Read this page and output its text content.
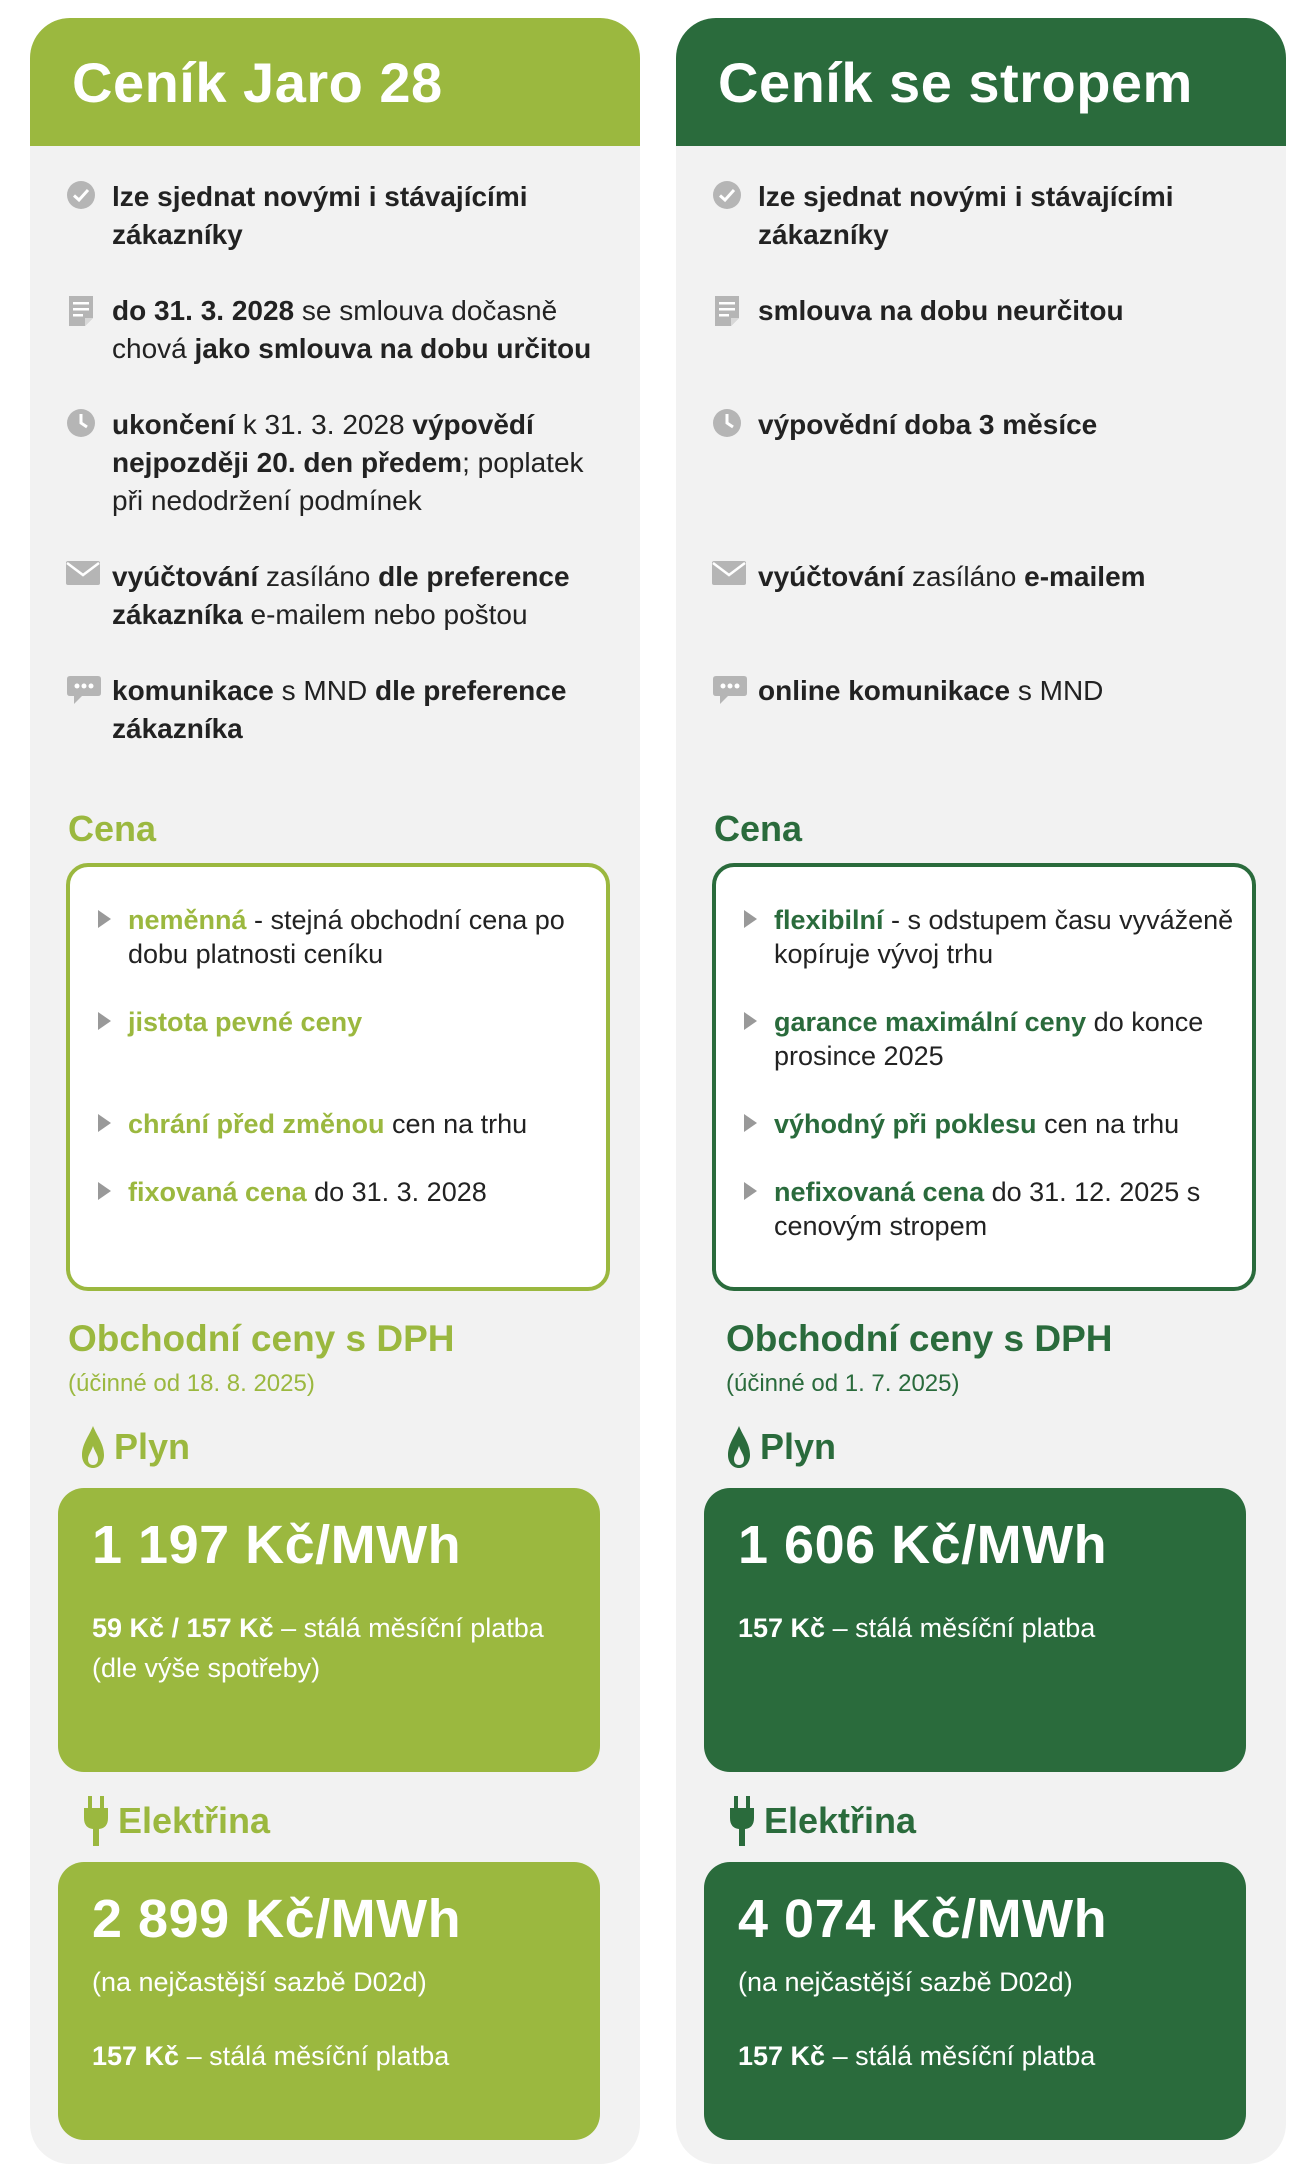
Ceník Jaro 28
lze sjednat novými i stávajícími zákazníky
do 31. 3. 2028 se smlouva dočasně chová jako smlouva na dobu určitou
ukončení k 31. 3. 2028 výpovědí nejpozději 20. den předem; poplatek při nedodržení podmínek
vyúčtování zasíláno dle preference zákazníka e-mailem nebo poštou
komunikace s MND dle preference zákazníka
Cena
neměnná - stejná obchodní cena po dobu platnosti ceníku
jistota pevné ceny
chrání před změnou cen na trhu
fixovaná cena do 31. 3. 2028
Obchodní ceny s DPH
(účinné od 18. 8. 2025)
Plyn
1 197 Kč/MWh
59 Kč / 157 Kč – stálá měsíční platba (dle výše spotřeby)
Elektřina
2 899 Kč/MWh
(na nejčastější sazbě D02d)
157 Kč – stálá měsíční platba
Ceník se stropem
lze sjednat novými i stávajícími zákazníky
smlouva na dobu neurčitou
výpovědní doba 3 měsíce
vyúčtování zasíláno e-mailem
online komunikace s MND
Cena
flexibilní - s odstupem času vyváženě kopíruje vývoj trhu
garance maximální ceny do konce prosince 2025
výhodný při poklesu cen na trhu
nefixovaná cena do 31. 12. 2025 s cenovým stropem
Obchodní ceny s DPH
(účinné od 1. 7. 2025)
Plyn
1 606 Kč/MWh
157 Kč – stálá měsíční platba
Elektřina
4 074 Kč/MWh
(na nejčastější sazbě D02d)
157 Kč – stálá měsíční platba
